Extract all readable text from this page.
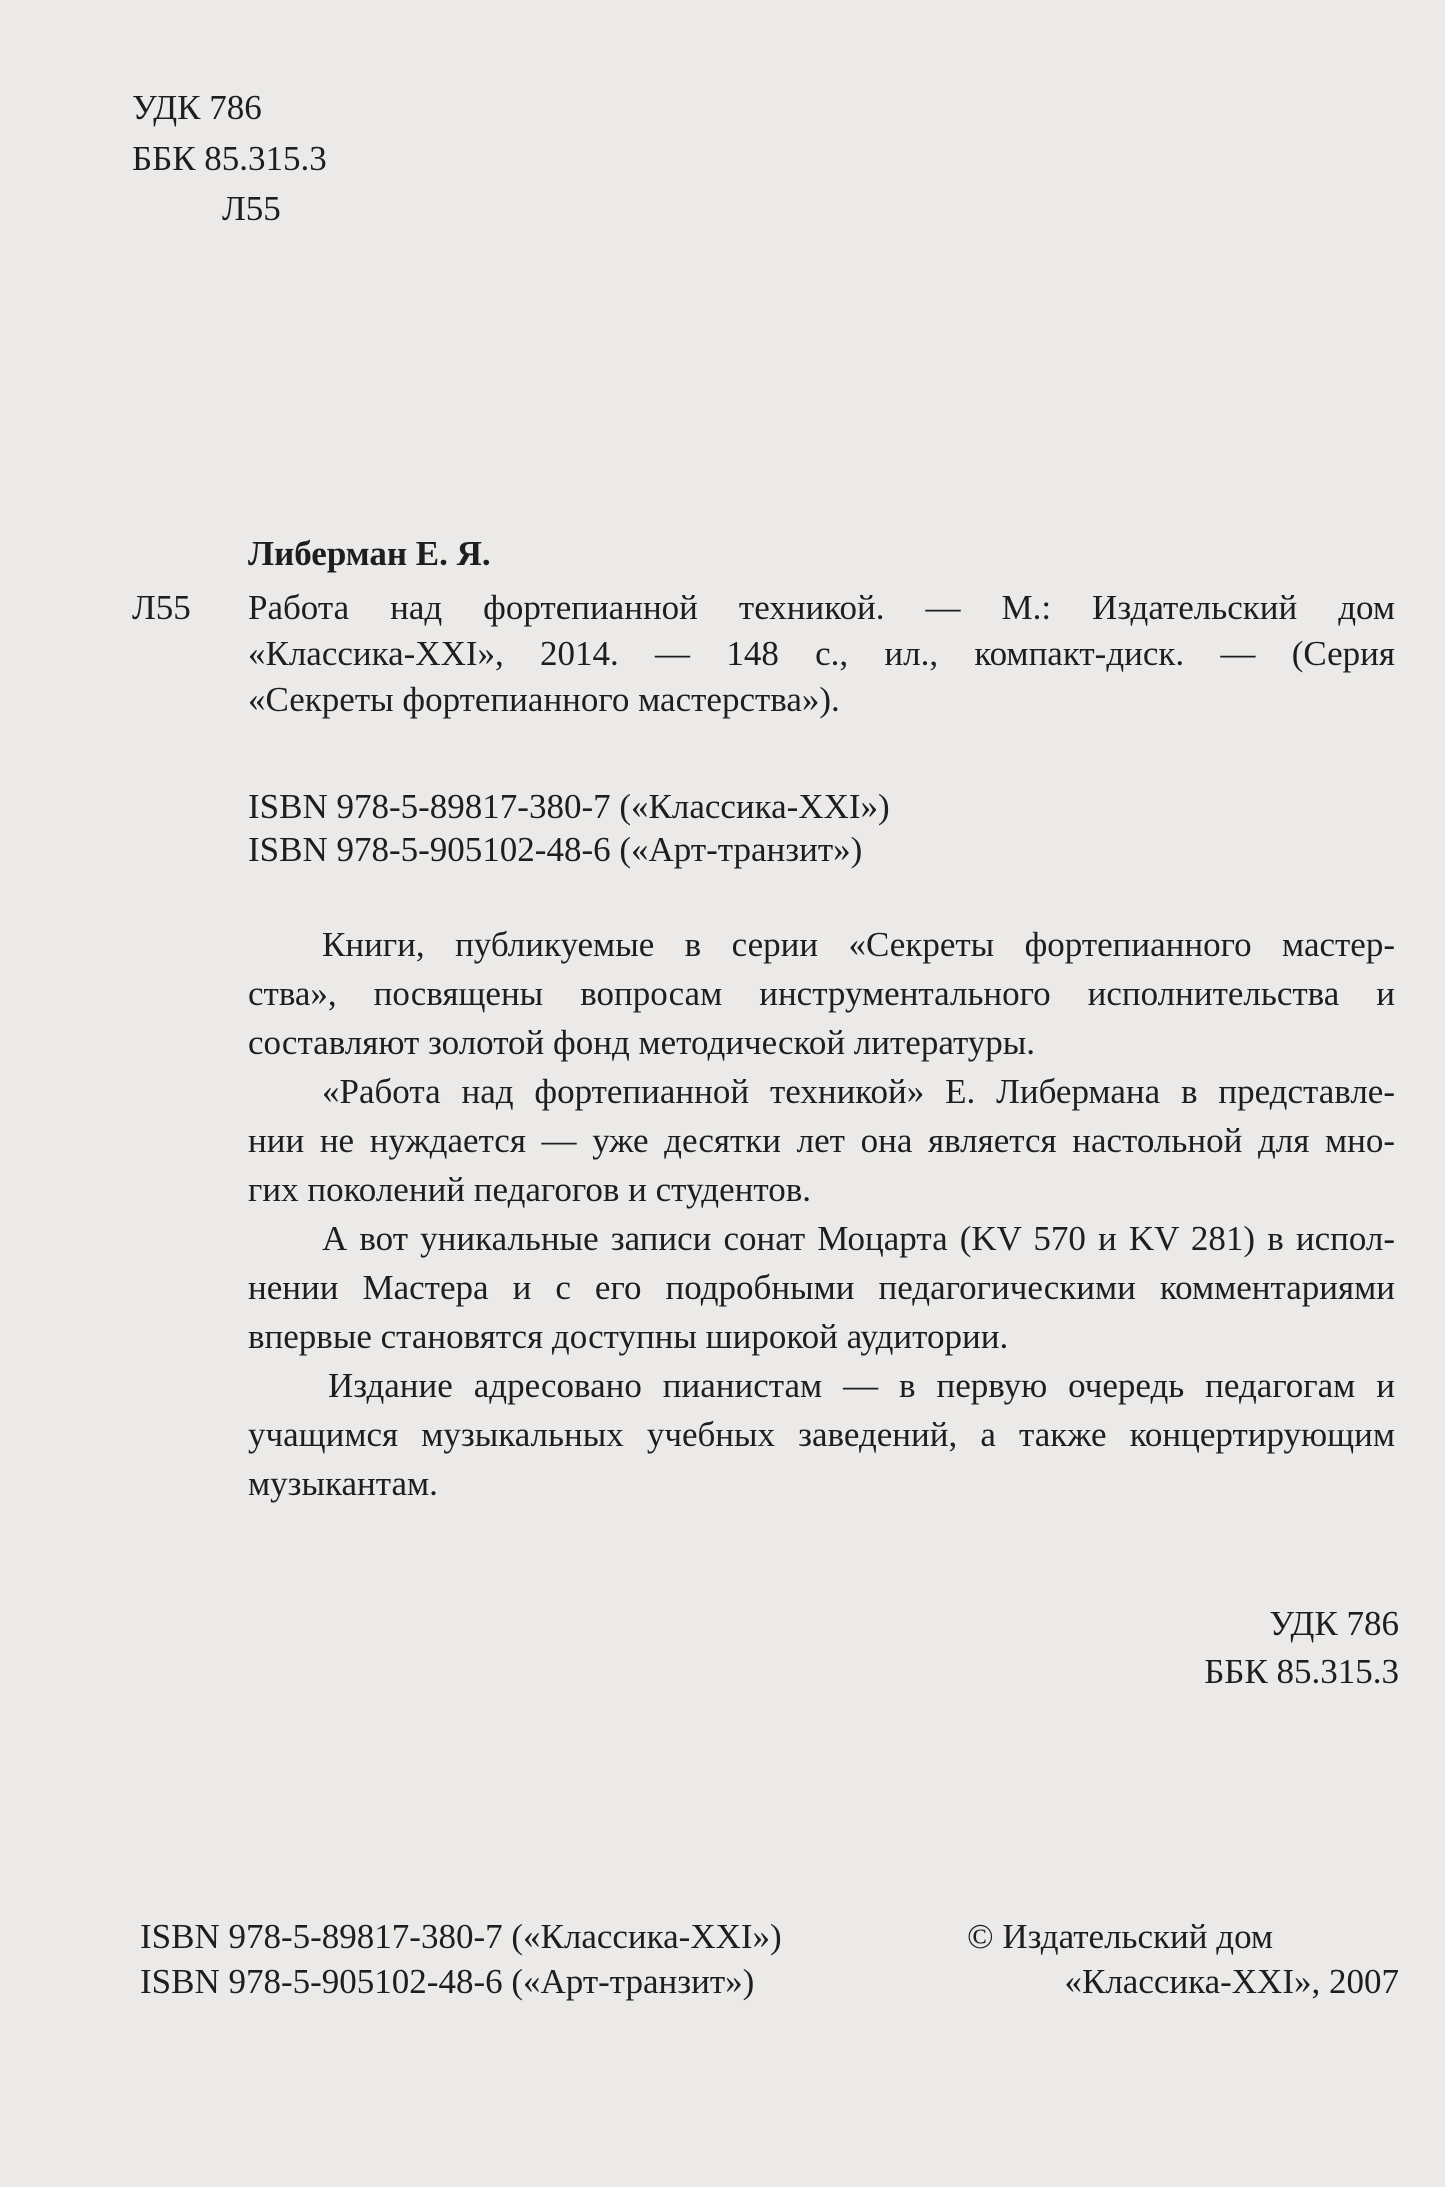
УДК 786
ББК 85.315.3
Л55
Либерман Е. Я.
Л55 Работа над фортепианной техникой. — М.: Издательский дом
«Классика-XXI», 2014. — 148 с., ил., компакт-диск. — (Серия
«Секреты фортепианного мастерства»).
ISBN 978-5-89817-380-7 («Классика-XXI»)
ISBN 978-5-905102-48-6 («Арт-транзит»)
Книги, публикуемые в серии «Секреты фортепианного мастер-
ства», посвящены вопросам инструментального исполнительства и
составляют золотой фонд методической литературы.
«Работа над фортепианной техникой» Е. Либермана в представле-
нии не нуждается — уже десятки лет она является настольной для мно-
гих поколений педагогов и студентов.
А вот уникальные записи сонат Моцарта (KV 570 и KV 281) в испол-
нении Мастера и с его подробными педагогическими комментариями
впервые становятся доступны широкой аудитории.
Издание адресовано пианистам — в первую очередь педагогам и
учащимся музыкальных учебных заведений, а также концертирующим
музыкантам.
УДК 786
ББК 85.315.3
ISBN 978-5-89817-380-7 («Классика-XXI»)
ISBN 978-5-905102-48-6 («Арт-транзит»)
© Издательский дом
«Классика-XXI», 2007
